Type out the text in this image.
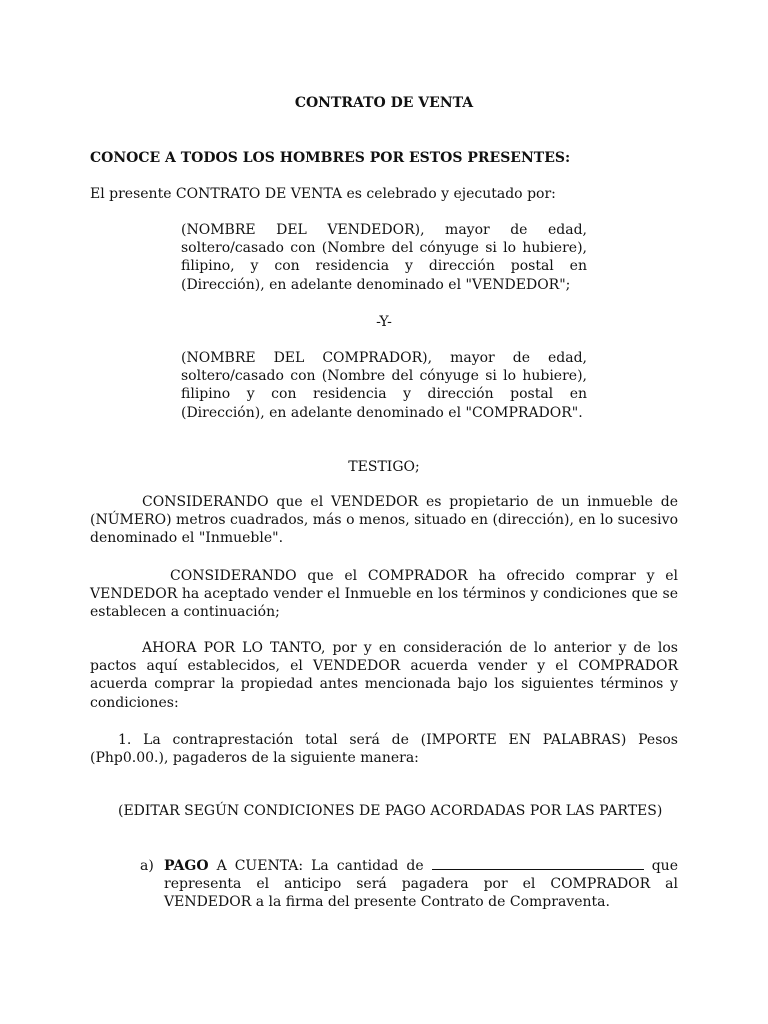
CONTRATO DE VENTA

CONOCE A TODOS LOS HOMBRES POR ESTOS PRESENTES:

El presente CONTRATO DE VENTA es celebrado y ejecutado por:

(NOMBRE DEL VENDEDOR), mayor de edad, soltero/casado con (Nombre del cónyuge si lo hubiere), filipino, y con residencia y dirección postal en (Dirección), en adelante denominado el "VENDEDOR";

-Y-

(NOMBRE DEL COMPRADOR), mayor de edad, soltero/casado con (Nombre del cónyuge si lo hubiere), filipino y con residencia y dirección postal en (Dirección), en adelante denominado el "COMPRADOR".

TESTIGO;

CONSIDERANDO que el VENDEDOR es propietario de un inmueble de (NÚMERO) metros cuadrados, más o menos, situado en (dirección), en lo sucesivo denominado el "Inmueble".

CONSIDERANDO que el COMPRADOR ha ofrecido comprar y el VENDEDOR ha aceptado vender el Inmueble en los términos y condiciones que se establecen a continuación;

AHORA POR LO TANTO, por y en consideración de lo anterior y de los pactos aquí establecidos, el VENDEDOR acuerda vender y el COMPRADOR acuerda comprar la propiedad antes mencionada bajo los siguientes términos y condiciones:

1. La contraprestación total será de (IMPORTE EN PALABRAS) Pesos (Php0.00.), pagaderos de la siguiente manera:

(EDITAR SEGÚN CONDICIONES DE PAGO ACORDADAS POR LAS PARTES)

a) PAGO A CUENTA: La cantidad de	que representa el anticipo será pagadera por el COMPRADOR al VENDEDOR a la firma del presente Contrato de Compraventa.
